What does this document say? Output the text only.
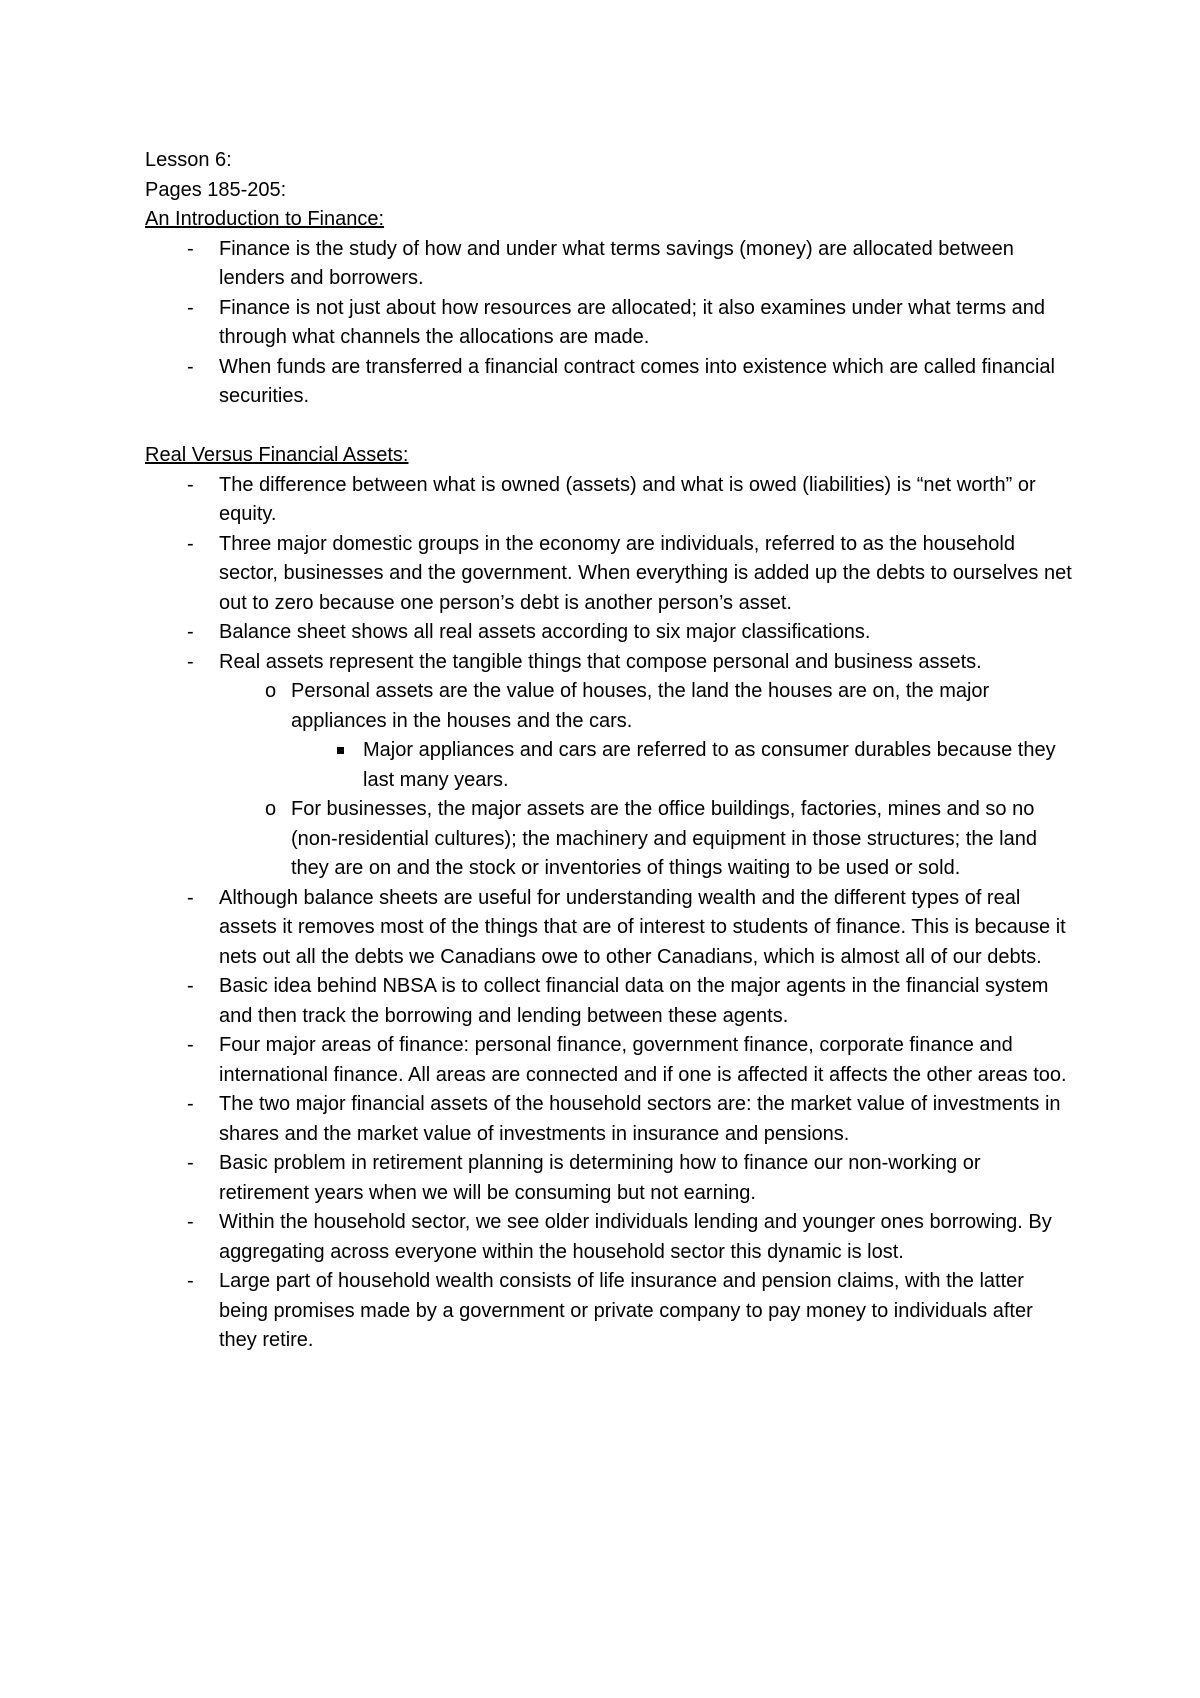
Lesson 6:
Pages 185-205:
An Introduction to Finance:
- Finance is the study of how and under what terms savings (money) are allocated between lenders and borrowers.
- Finance is not just about how resources are allocated; it also examines under what terms and through what channels the allocations are made.
- When funds are transferred a financial contract comes into existence which are called financial securities.
Real Versus Financial Assets:
- The difference between what is owned (assets) and what is owed (liabilities) is “net worth” or equity.
- Three major domestic groups in the economy are individuals, referred to as the household sector, businesses and the government. When everything is added up the debts to ourselves net out to zero because one person’s debt is another person’s asset.
- Balance sheet shows all real assets according to six major classifications.
- Real assets represent the tangible things that compose personal and business assets.
o Personal assets are the value of houses, the land the houses are on, the major appliances in the houses and the cars.
Major appliances and cars are referred to as consumer durables because they last many years.
o For businesses, the major assets are the office buildings, factories, mines and so no (non-residential cultures); the machinery and equipment in those structures; the land they are on and the stock or inventories of things waiting to be used or sold.
- Although balance sheets are useful for understanding wealth and the different types of real assets it removes most of the things that are of interest to students of finance. This is because it nets out all the debts we Canadians owe to other Canadians, which is almost all of our debts.
- Basic idea behind NBSA is to collect financial data on the major agents in the financial system and then track the borrowing and lending between these agents.
- Four major areas of finance: personal finance, government finance, corporate finance and international finance. All areas are connected and if one is affected it affects the other areas too.
- The two major financial assets of the household sectors are: the market value of investments in shares and the market value of investments in insurance and pensions.
- Basic problem in retirement planning is determining how to finance our non-working or retirement years when we will be consuming but not earning.
- Within the household sector, we see older individuals lending and younger ones borrowing. By aggregating across everyone within the household sector this dynamic is lost.
- Large part of household wealth consists of life insurance and pension claims, with the latter being promises made by a government or private company to pay money to individuals after they retire.
